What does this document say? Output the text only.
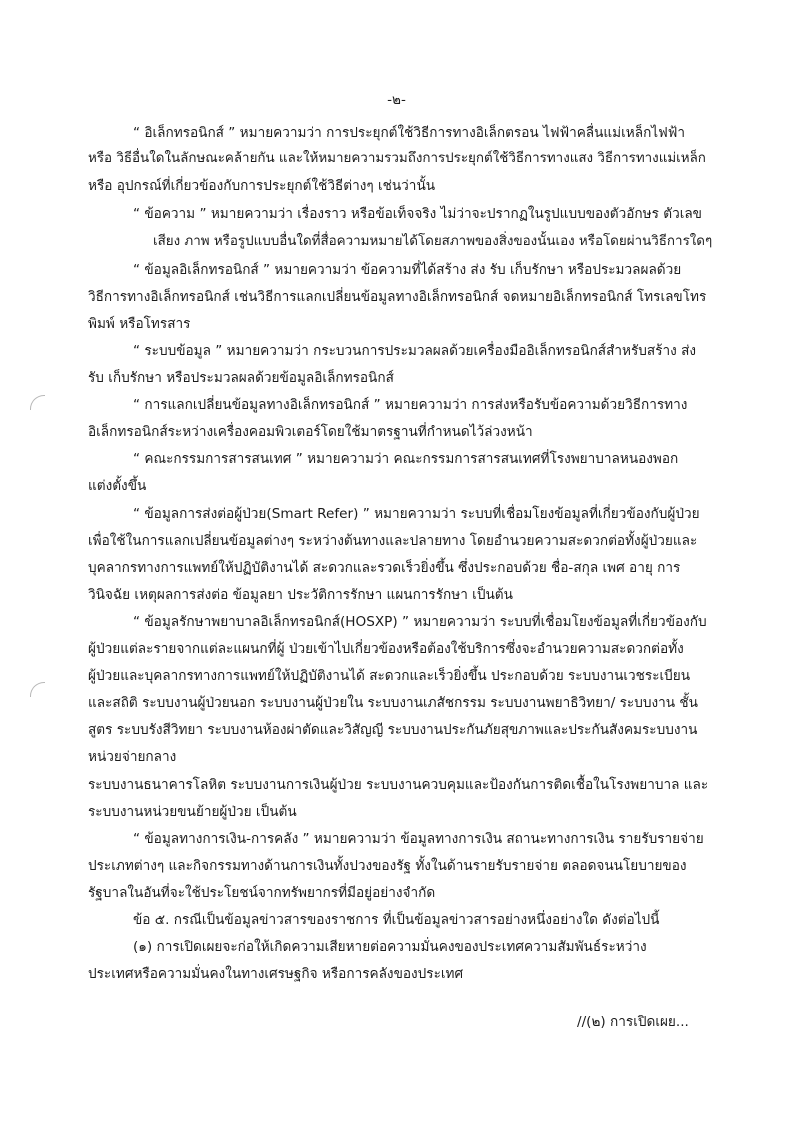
-๒-
“ อิเล็กทรอนิกส์ ” หมายความว่า การประยุกต์ใช้วิธีการทางอิเล็กตรอน ไฟฟ้าคลื่นแม่เหล็กไฟฟ้า
หรือ วิธีอื่นใดในลักษณะคล้ายกัน และให้หมายความรวมถึงการประยุกต์ใช้วิธีการทางแสง วิธีการทางแม่เหล็ก
หรือ อุปกรณ์ที่เกี่ยวข้องกับการประยุกต์ใช้วิธีต่างๆ เช่นว่านั้น
“ ข้อความ ” หมายความว่า เรื่องราว หรือข้อเท็จจริง ไม่ว่าจะปรากฏในรูปแบบของตัวอักษร ตัวเลข
เสียง ภาพ หรือรูปแบบอื่นใดที่สื่อความหมายได้โดยสภาพของสิ่งของนั้นเอง หรือโดยผ่านวิธีการใดๆ
“ ข้อมูลอิเล็กทรอนิกส์ ” หมายความว่า ข้อความที่ได้สร้าง ส่ง รับ เก็บรักษา หรือประมวลผลด้วย
วิธีการทางอิเล็กทรอนิกส์ เช่นวิธีการแลกเปลี่ยนข้อมูลทางอิเล็กทรอนิกส์ จดหมายอิเล็กทรอนิกส์ โทรเลขโทร
พิมพ์ หรือโทรสาร
“ ระบบข้อมูล ” หมายความว่า กระบวนการประมวลผลด้วยเครื่องมืออิเล็กทรอนิกส์สำหรับสร้าง ส่ง
รับ เก็บรักษา หรือประมวลผลด้วยข้อมูลอิเล็กทรอนิกส์
“ การแลกเปลี่ยนข้อมูลทางอิเล็กทรอนิกส์ ” หมายความว่า การส่งหรือรับข้อความด้วยวิธีการทาง
อิเล็กทรอนิกส์ระหว่างเครื่องคอมพิวเตอร์โดยใช้มาตรฐานที่กำหนดไว้ล่วงหน้า
“ คณะกรรมการสารสนเทศ ” หมายความว่า คณะกรรมการสารสนเทศที่โรงพยาบาลหนองพอก
แต่งตั้งขึ้น
“ ข้อมูลการส่งต่อผู้ป่วย(Smart Refer) ” หมายความว่า ระบบที่เชื่อมโยงข้อมูลที่เกี่ยวข้องกับผู้ป่วย
เพื่อใช้ในการแลกเปลี่ยนข้อมูลต่างๆ ระหว่างต้นทางและปลายทาง โดยอำนวยความสะดวกต่อทั้งผู้ป่วยและ
บุคลากรทางการแพทย์ให้ปฏิบัติงานได้ สะดวกและรวดเร็วยิ่งขึ้น ซึ่งประกอบด้วย ชื่อ-สกุล เพศ อายุ การ
วินิจฉัย เหตุผลการส่งต่อ ข้อมูลยา ประวัติการรักษา แผนการรักษา เป็นต้น
“ ข้อมูลรักษาพยาบาลอิเล็กทรอนิกส์(HOSXP) ” หมายความว่า ระบบที่เชื่อมโยงข้อมูลที่เกี่ยวข้องกับ
ผู้ป่วยแต่ละรายจากแต่ละแผนกที่ผู้ ป่วยเข้าไปเกี่ยวข้องหรือต้องใช้บริการซึ่งจะอำนวยความสะดวกต่อทั้ง
ผู้ป่วยและบุคลากรทางการแพทย์ให้ปฏิบัติงานได้ สะดวกและเร็วยิ่งขึ้น ประกอบด้วย ระบบงานเวชระเบียน
และสถิติ ระบบงานผู้ป่วยนอก ระบบงานผู้ป่วยใน ระบบงานเภสัชกรรม ระบบงานพยาธิวิทยา/ ระบบงาน ชั้น
สูตร ระบบรังสีวิทยา ระบบงานห้องผ่าตัดและวิสัญญี ระบบงานประกันภัยสุขภาพและประกันสังคมระบบงาน
หน่วยจ่ายกลาง
ระบบงานธนาคารโลหิต ระบบงานการเงินผู้ป่วย ระบบงานควบคุมและป้องกันการติดเชื้อในโรงพยาบาล และ
ระบบงานหน่วยขนย้ายผู้ป่วย เป็นต้น
“ ข้อมูลทางการเงิน-การคลัง ” หมายความว่า ข้อมูลทางการเงิน สถานะทางการเงิน รายรับรายจ่าย
ประเภทต่างๆ และกิจกรรมทางด้านการเงินทั้งปวงของรัฐ ทั้งในด้านรายรับรายจ่าย ตลอดจนนโยบายของ
รัฐบาลในอันที่จะใช้ประโยชน์จากทรัพยากรที่มีอยู่อย่างจำกัด
ข้อ ๕. กรณีเป็นข้อมูลข่าวสารของราชการ ที่เป็นข้อมูลข่าวสารอย่างหนึ่งอย่างใด ดังต่อไปนี้
(๑) การเปิดเผยจะก่อให้เกิดความเสียหายต่อความมั่นคงของประเทศความสัมพันธ์ระหว่าง
ประเทศหรือความมั่นคงในทางเศรษฐกิจ หรือการคลังของประเทศ
//(๒) การเปิดเผย...
